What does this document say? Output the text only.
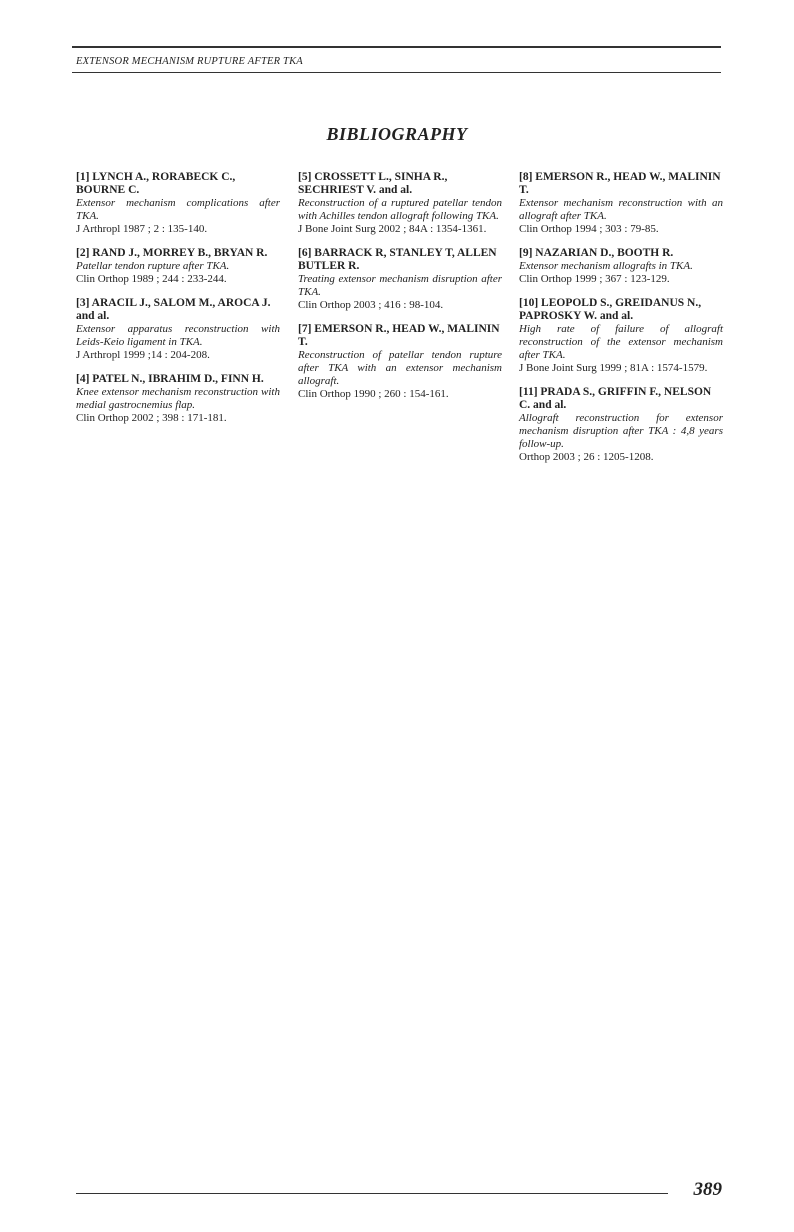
EXTENSOR MECHANISM RUPTURE AFTER TKA
BIBLIOGRAPHY
[1] LYNCH A., RORABECK C., BOURNE C.
Extensor mechanism complications after TKA.
J Arthropl 1987 ; 2 : 135-140.
[2] RAND J., MORREY B., BRYAN R.
Patellar tendon rupture after TKA.
Clin Orthop 1989 ; 244 : 233-244.
[3] ARACIL J., SALOM M., AROCA J. and al.
Extensor apparatus reconstruction with Leids-Keio ligament in TKA.
J Arthropl 1999 ;14 : 204-208.
[4] PATEL N., IBRAHIM D., FINN H.
Knee extensor mechanism reconstruction with medial gastrocnemius flap.
Clin Orthop 2002 ; 398 : 171-181.
[5] CROSSETT L., SINHA R., SECHRIEST V. and al.
Reconstruction of a ruptured patellar tendon with Achilles tendon allograft following TKA.
J Bone Joint Surg 2002 ; 84A : 1354-1361.
[6] BARRACK R, STANLEY T, ALLEN BUTLER R.
Treating extensor mechanism disruption after TKA.
Clin Orthop 2003 ; 416 : 98-104.
[7] EMERSON R., HEAD W., MALININ T.
Reconstruction of patellar tendon rupture after TKA with an extensor mechanism allograft.
Clin Orthop 1990 ; 260 : 154-161.
[8] EMERSON R., HEAD W., MALININ T.
Extensor mechanism reconstruction with an allograft after TKA.
Clin Orthop 1994 ; 303 : 79-85.
[9] NAZARIAN D., BOOTH R.
Extensor mechanism allografts in TKA.
Clin Orthop 1999 ; 367 : 123-129.
[10] LEOPOLD S., GREIDANUS N., PAPROSKY W. and al.
High rate of failure of allograft reconstruction of the extensor mechanism after TKA.
J Bone Joint Surg 1999 ; 81A : 1574-1579.
[11] PRADA S., GRIFFIN F., NELSON C. and al.
Allograft reconstruction for extensor mechanism disruption after TKA : 4,8 years follow-up.
Orthop 2003 ; 26 : 1205-1208.
389
